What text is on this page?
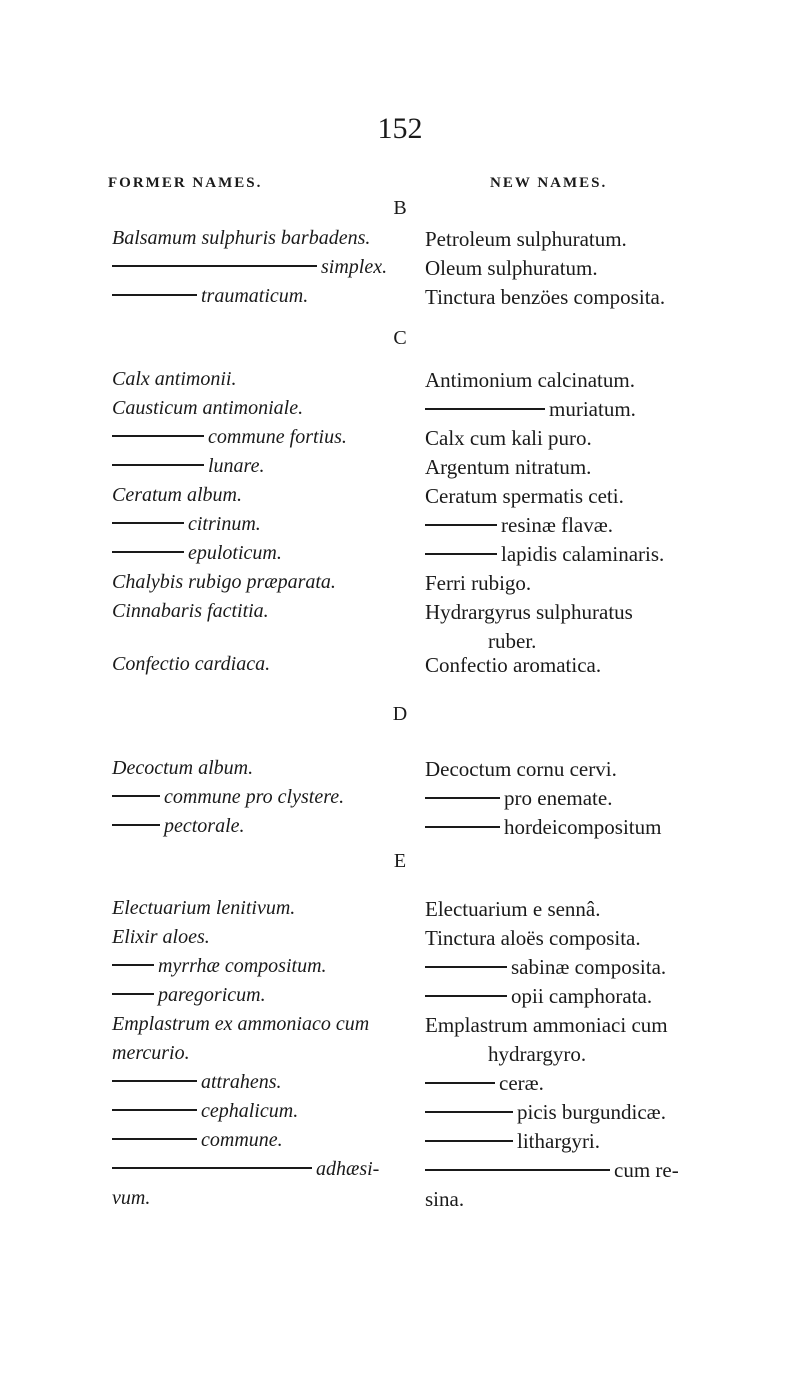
152
FORMER NAMES.	NEW NAMES.
B
Balsamum sulphuris barbadens.	Petroleum sulphuratum.
simplex.	Oleum sulphuratum.
traumaticum.	Tinctura benzöes composita.
C
Calx antimonii.	Antimonium calcinatum.
Causticum antimoniale.	muriatum.
commune fortius.	Calx cum kali puro.
lunare.	Argentum nitratum.
Ceratum album.	Ceratum spermatis ceti.
citrinum.	resinæ flavæ.
epuloticum.	lapidis calaminaris.
Chalybis rubigo præparata.	Ferri rubigo.
Cinnabaris factitia.	Hydrargyrus sulphuratus
ruber.
Confectio cardiaca.	Confectio aromatica.
D
Decoctum album.	Decoctum cornu cervi.
commune pro clystere.	pro enemate.
pectorale.	hordeicompositum
E
Electuarium lenitivum.	Electuarium e sennâ.
Elixir aloes.	Tinctura aloës composita.
myrrhæ compositum.	sabinæ composita.
paregoricum.	opii camphorata.
Emplastrum ex ammoniaco cum	Emplastrum ammoniaci cum
mercurio.	hydrargyro.
attrahens.	ceræ.
cephalicum.	picis burgundicæ.
commune.	lithargyri.
adhæsi-	cum re-
vum.	sina.
